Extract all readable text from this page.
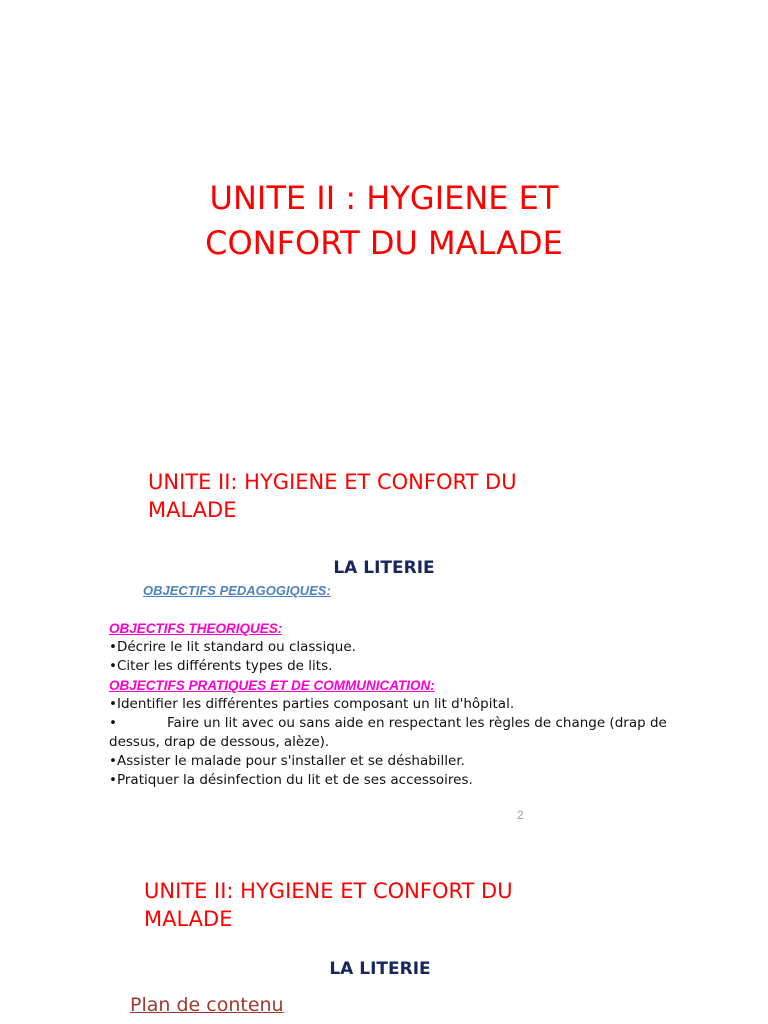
UNITE II : HYGIENE ET
CONFORT DU MALADE
UNITE II: HYGIENE ET CONFORT DU
MALADE
LA LITERIE
OBJECTIFS PEDAGOGIQUES:
OBJECTIFS THEORIQUES:
•Décrire le lit standard ou classique.
•Citer les différents types de lits.
OBJECTIFS PRATIQUES ET DE COMMUNICATION:
•Identifier les différentes parties composant un lit d'hôpital.
•	Faire un lit avec ou sans aide en respectant les règles de change (drap de
dessus, drap de dessous, alèze).
•Assister le malade pour s'installer et se déshabiller.
•Pratiquer la désinfection du lit et de ses accessoires.
2
UNITE II: HYGIENE ET CONFORT DU
MALADE
LA LITERIE
Plan de contenu
